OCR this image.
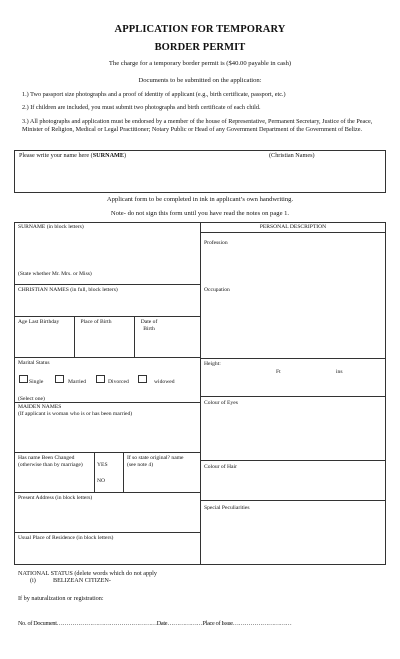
APPLICATION FOR TEMPORARY
BORDER PERMIT
The charge for a temporary border permit is ($40.00 payable in cash)
Documents to be submitted on the application:
1.) Two passport size photographs and a proof of identity of applicant (e.g., birth certificate, passport, etc.)
2.) If children are included, you must submit two photographs and birth certificate of each child.
3.) All photographs and application must be endorsed by a member of the house of Representative, Permanent Secretary, Justice of the Peace, Minister of Religion, Medical or Legal Practitioner; Notary Public or Head of any Government Department of the Government of Belize.
Please write your name here (SURNAME)	(Christian Names)
Applicant form to be completed in ink in applicant’s own handwriting.
Note- do not sign this form until you have read the notes on page 1.
SURNAME (in block letters)
(State whether Mr. Mrs. or Miss)
CHRISTIAN NAMES (in full, block letters)
Age Last Birthday	Place of Birth	Date of Birth
Marital Status
Single	Married	Divorced	widowed
(Select one)
MAIDEN NAMES
(If applicant is woman who is or has been married)
Has name Been Changed (otherwise than by marriage)	YES
NO
If so state original? name (see note 4)
Present Address (in block letters)
Usual Place of Residence (in block letters)
PERSONAL DESCRIPTION
Profession
Occupation
Height:
Ft	ins
Colour of Eyes
Colour of Hair
Special Peculiarities
NATIONAL STATUS (delete words which do not apply
(i)	BELIZEAN CITIZEN-
If by naturalization or registration:
No. of Document……………………………………………Date………………Place of Issue…………………………
